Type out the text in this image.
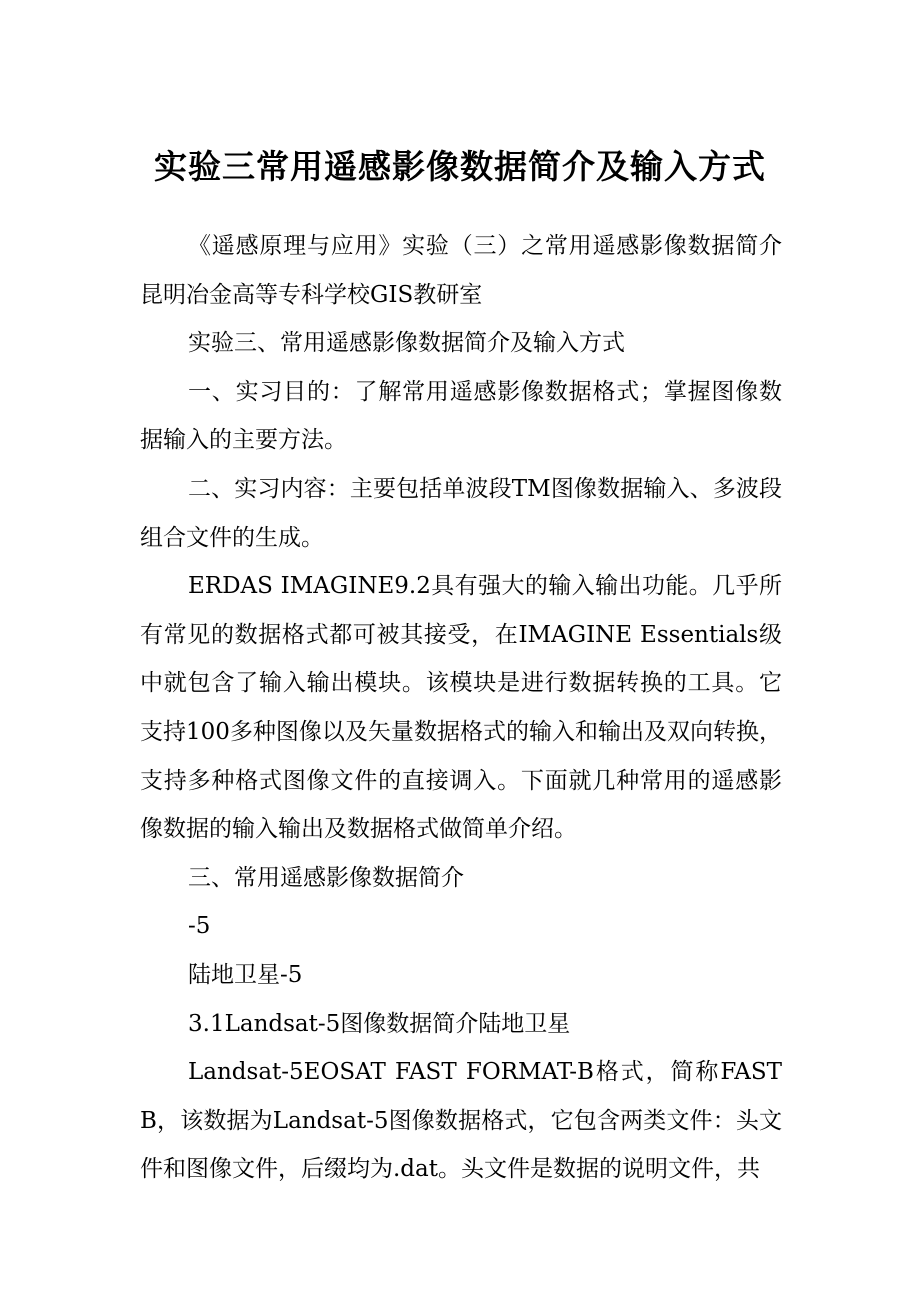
实验三常用遥感影像数据简介及输入方式

《遥感原理与应用》实验（三）之常用遥感影像数据简介昆明冶金高等专科学校GIS教研室

实验三、常用遥感影像数据简介及输入方式

一、实习目的：了解常用遥感影像数据格式；掌握图像数据输入的主要方法。

二、实习内容：主要包括单波段TM图像数据输入、多波段组合文件的生成。

ERDAS IMAGINE9.2具有强大的输入输出功能。几乎所有常见的数据格式都可被其接受，在IMAGINE Essentials级中就包含了输入输出模块。该模块是进行数据转换的工具。它支持100多种图像以及矢量数据格式的输入和输出及双向转换，支持多种格式图像文件的直接调入。下面就几种常用的遥感影像数据的输入输出及数据格式做简单介绍。

三、常用遥感影像数据简介

-5

陆地卫星-5

3.1Landsat-5图像数据简介陆地卫星

Landsat-5EOSAT FAST FORMAT-B格式，简称FASTB，该数据为Landsat-5图像数据格式，它包含两类文件：头文件和图像文件，后缀均为.dat。头文件是数据的说明文件，共
